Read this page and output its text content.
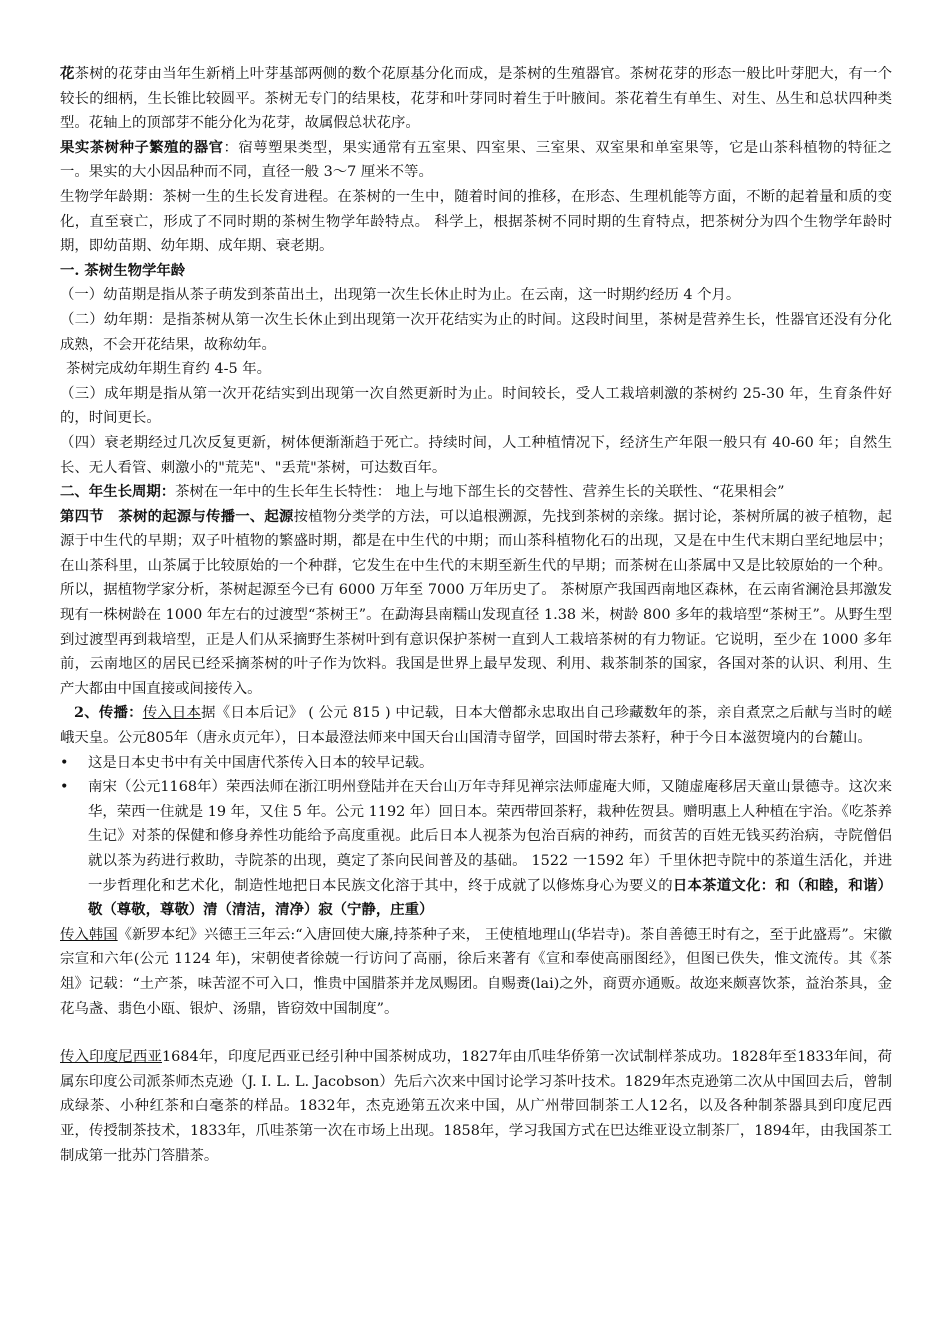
花茶树的花芽由当年生新梢上叶芽基部两侧的数个花原基分化而成，是茶树的生殖器官。茶树花芽的形态一般比叶芽肥大，有一个较长的细柄，生长锥比较圆平。茶树无专门的结果枝，花芽和叶芽同时着生于叶腋间。茶花着生有单生、对生、丛生和总状四种类型。花轴上的顶部芽不能分化为花芽，故属假总状花序。

果实茶树种子繁殖的器官：宿萼塑果类型，果实通常有五室果、四室果、三室果、双室果和单室果等，它是山茶科植物的特征之一。果实的大小因品种而不同，直径一般 3～7 厘米不等。

生物学年龄期：茶树一生的生长发育进程。在茶树的一生中，随着时间的推移，在形态、生理机能等方面，不断的起着量和质的变化，直至衰亡，形成了不同时期的茶树生物学年龄特点。 科学上，根据茶树不同时期的生育特点，把茶树分为四个生物学年龄时期，即幼苗期、幼年期、成年期、衰老期。

一. 茶树生物学年龄

（一）幼苗期是指从茶子萌发到茶苗出土，出现第一次生长休止时为止。在云南，这一时期约经历 4 个月。

（二）幼年期：是指茶树从第一次生长休止到出现第一次开花结实为止的时间。这段时间里，茶树是营养生长，性器官还没有分化成熟，不会开花结果，故称幼年。

茶树完成幼年期生育约 4-5 年。

（三）成年期是指从第一次开花结实到出现第一次自然更新时为止。时间较长，受人工栽培刺激的茶树约 25-30 年，生育条件好的，时间更长。

（四）衰老期经过几次反复更新，树体便渐渐趋于死亡。持续时间，人工种植情况下，经济生产年限一般只有 40-60 年；自然生长、无人看管、刺激小的"荒芜"、"丢荒"茶树，可达数百年。

二、年生长周期：茶树在一年中的生长年生长特性： 地上与地下部生长的交替性、营养生长的关联性、“花果相会”

第四节　茶树的起源与传播一、起源按植物分类学的方法，可以追根溯源，先找到茶树的亲缘。据讨论，茶树所属的被子植物，起源于中生代的早期；双子叶植物的繁盛时期，都是在中生代的中期；而山茶科植物化石的出现，又是在中生代末期白垩纪地层中；在山茶科里，山茶属于比较原始的一个种群，它发生在中生代的末期至新生代的早期；而茶树在山茶属中又是比较原始的一个种。所以，据植物学家分析，茶树起源至今已有 6000 万年至 7000 万年历史了。 茶树原产我国西南地区森林，在云南省澜沧县邦激发现有一株树龄在 1000 年左右的过渡型“茶树王”。在勐海县南糯山发现直径 1.38 米，树龄 800 多年的栽培型“茶树王”。从野生型到过渡型再到栽培型，正是人们从采摘野生茶树叶到有意识保护茶树一直到人工栽培茶树的有力物证。它说明，至少在 1000 多年前，云南地区的居民已经采摘茶树的叶子作为饮料。我国是世界上最早发现、利用、栽茶制茶的国家，各国对茶的认识、利用、生产大都由中国直接或间接传入。

2、传播：传入日本据《日本后记》 ( 公元 815 ) 中记载，日本大僧都永忠取出自己珍藏数年的茶，亲自煮烹之后献与当时的嵯峨天皇。公元805年（唐永贞元年），日本最澄法师来中国天台山国清寺留学，回国时带去茶籽，种于今日本滋贺境内的台麓山。

• 这是日本史书中有关中国唐代茶传入日本的较早记载。

• 南宋（公元1168年）荣西法师在浙江明州登陆并在天台山万年寺拜见禅宗法师虚庵大师，又随虚庵移居天童山景德寺。这次来华，荣西一住就是 19 年，又住 5 年。公元 1192 年）回日本。荣西带回茶籽，栽种佐贺县。赠明惠上人种植在宇治。《吃茶养生记》对茶的保健和修身养性功能给予高度重视。此后日本人视茶为包治百病的神药，而贫苦的百姓无钱买药治病，寺院僧侣就以茶为药进行救助，寺院茶的出现，奠定了茶向民间普及的基础。 1522 一1592 年）千里休把寺院中的茶道生活化，并进一步哲理化和艺术化，制造性地把日本民族文化溶于其中，终于成就了以修炼身心为要义的日本茶道文化：和（和睦，和谐）敬（尊敬，尊敬）清（清洁，清净）寂（宁静，庄重）

传入韩国《新罗本纪》兴德王三年云:“入唐回使大廉,持茶种子来， 王使植地理山(华岩寺)。茶自善德王时有之，至于此盛焉”。宋徽宗宣和六年(公元 1124 年)，宋朝使者徐兢一行访问了高丽，徐后来著有《宣和奉使高丽图经》，但图已佚失，惟文流传。其《茶俎》记载：“土产茶，味苦涩不可入口，惟贵中国腊茶并龙凤赐团。自赐赉(lai)之外，商贾亦通贩。故迩来颇喜饮茶，益治茶具，金花乌盏、翡色小瓯、银炉、汤鼎，皆窃效中国制度”。

传入印度尼西亚1684年，印度尼西亚已经引种中国茶树成功，1827年由爪哇华侨第一次试制样茶成功。1828年至1833年间，荷属东印度公司派茶师杰克逊（J. I. L. L. Jacobson）先后六次来中国讨论学习茶叶技术。1829年杰克逊第二次从中国回去后，曾制成绿茶、小种红茶和白毫茶的样品。1832年，杰克逊第五次来中国，从广州带回制茶工人12名，以及各种制茶器具到印度尼西亚，传授制茶技术，1833年，爪哇茶第一次在市场上出现。1858年，学习我国方式在巴达维亚设立制茶厂，1894年，由我国茶工制成第一批苏门答腊茶。
